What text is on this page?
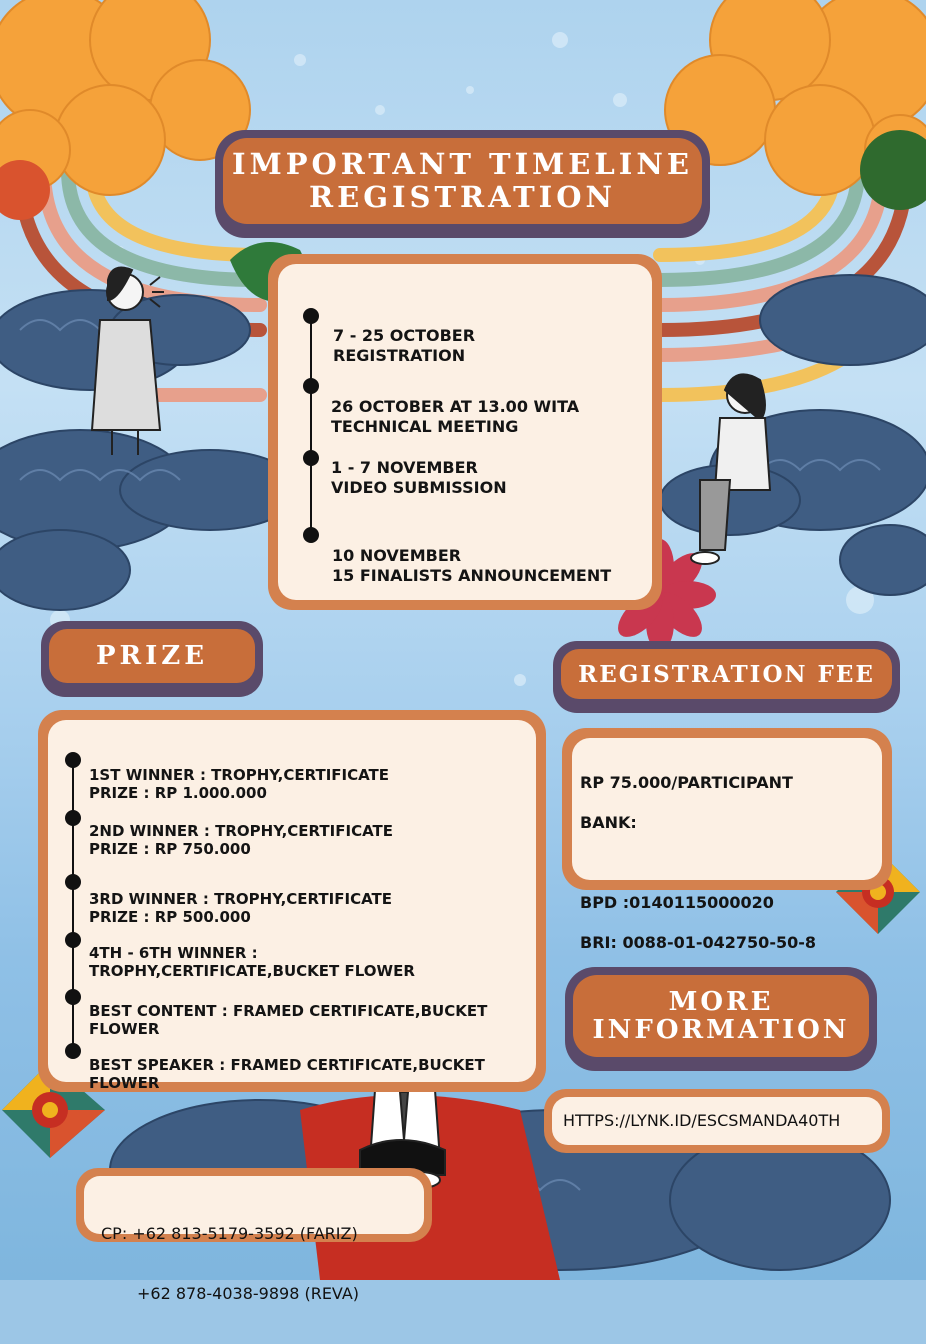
IMPORTANT TIMELINE
REGISTRATION

7 - 25 OCTOBER
REGISTRATION

26 OCTOBER AT 13.00 WITA
TECHNICAL MEETING

1 - 7 NOVEMBER
VIDEO SUBMISSION

10 NOVEMBER
15 FINALISTS ANNOUNCEMENT

PRIZE

1ST WINNER : TROPHY,CERTIFICATE
PRIZE : RP 1.000.000

2ND WINNER : TROPHY,CERTIFICATE
PRIZE : RP 750.000

3RD WINNER : TROPHY,CERTIFICATE
PRIZE : RP 500.000

4TH - 6TH WINNER :
TROPHY,CERTIFICATE,BUCKET FLOWER

BEST CONTENT : FRAMED CERTIFICATE,BUCKET
FLOWER

BEST SPEAKER : FRAMED CERTIFICATE,BUCKET
FLOWER

REGISTRATION FEE

RP 75.000/PARTICIPANT

BANK:

BPD :0140115000020

BRI: 0088-01-042750-50-8

MORE
INFORMATION
HTTPS://LYNK.ID/ESCSMANDA40TH

CP: +62 813-5179-3592 (FARIZ)

+62 878-4038-9898 (REVA)
